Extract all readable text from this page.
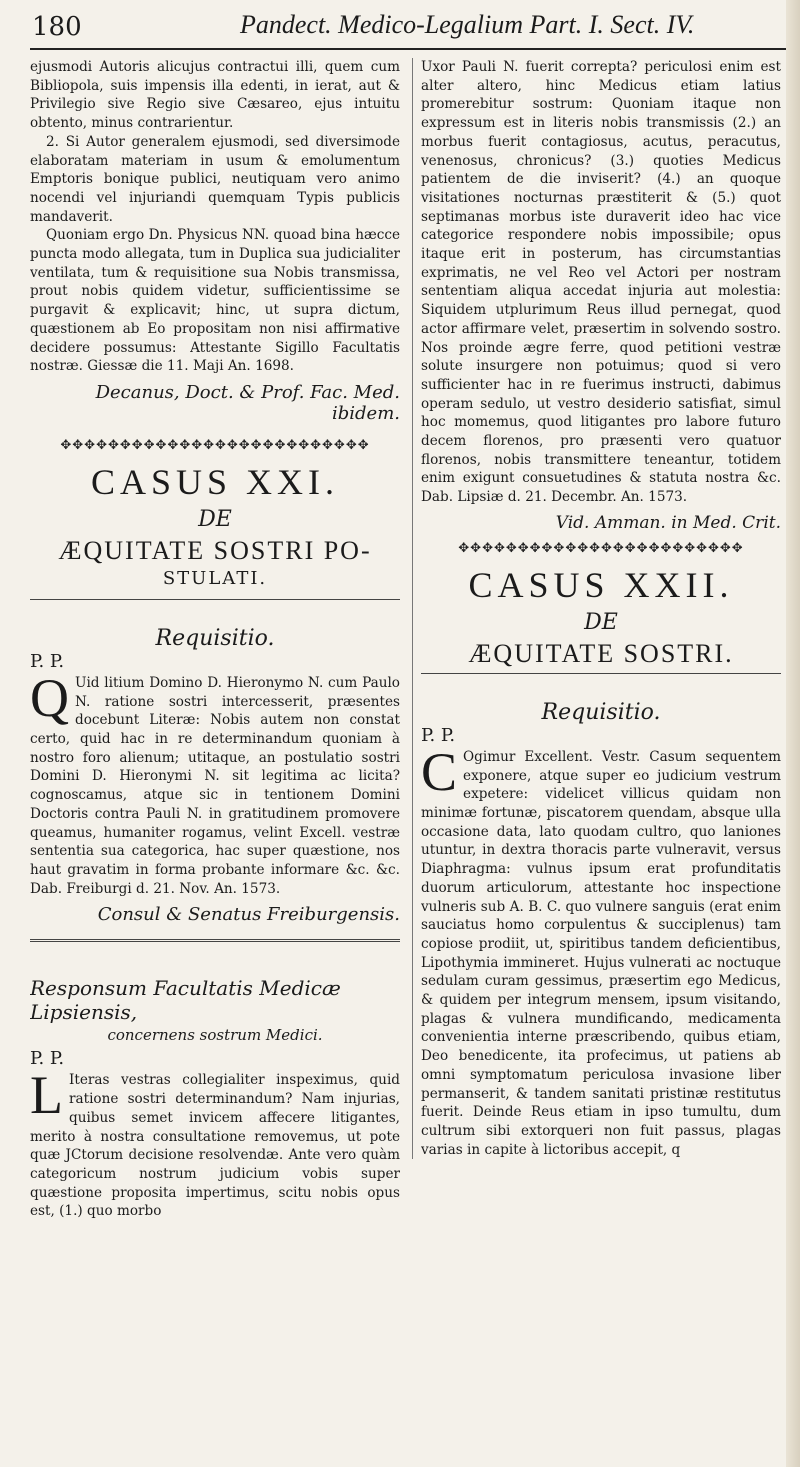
180	Pandect. Medico-Legalium Part. I. Sect. IV.

ejusmodi Autoris alicujus contractui illi, quem cum Bibliopola, suis impensis illa edenti, in ierat, aut & Privilegio sive Regio sive Cæsareo, ejus intuitu obtento, minus contrarientur.

2. Si Autor generalem ejusmodi, sed diversimode elaboratam materiam in usum & emolumentum Emptoris bonique publici, neutiquam vero animo nocendi vel injuriandi quemquam Typis publicis mandaverit.

Quoniam ergo Dn. Physicus NN. quoad bina hæcce puncta modo allegata, tum in Duplica sua judicialiter ventilata, tum & requisitione sua Nobis transmissa, prout nobis quidem videtur, sufficientissime se purgavit & explicavit; hinc, ut supra dictum, quæstionem ab Eo propositam non nisi affirmative decidere possumus: Attestante Sigillo Facultatis nostræ. Giessæ die 11. Maji An. 1698.

Decanus, Doct. & Prof. Fac. Med. ibidem.

✥✥✥✥✥✥✥✥✥✥✥✥✥✥✥✥✥✥✥✥✥✥✥✥✥✥
CASUS XXI.
DE
ÆQUITATE SOSTRI PO-
STULATI.
Requisitio.
P. P.

Q Uid litium Domino D. Hieronymo N. cum Paulo N. ratione sostri intercesserit, præsentes docebunt Literæ: Nobis autem non constat certo, quid hac in re determinandum quoniam à nostro foro alienum; utitaque, an postulatio sostri Domini D. Hieronymi N. sit legitima ac licita? cognoscamus, atque sic in tentionem Domini Doctoris contra Pauli N. in gratitudinem promovere queamus, humaniter rogamus, velint Excell. vestræ sententia sua categorica, hac super quæstione, nos haut gravatim in forma probante informare &c. &c. Dab. Freiburgi d. 21. Nov. An. 1573.

Consul & Senatus Freiburgensis.

Responsum Facultatis Medicæ Lipsiensis,
concernens sostrum Medici.
P. P.

L Iteras vestras collegialiter inspeximus, quid ratione sostri determinandum? Nam injurias, quibus semet invicem affecere litigantes, merito à nostra consultatione removemus, ut pote quæ JCtorum decisione resolvendæ. Ante vero quàm categoricum nostrum judicium vobis super quæstione proposita impertimus, scitu nobis opus est, (1.) quo morbo

Uxor Pauli N. fuerit correpta? periculosi enim est alter altero, hinc Medicus etiam latius promerebitur sostrum: Quoniam itaque non expressum est in literis nobis transmissis (2.) an morbus fuerit contagiosus, acutus, peracutus, venenosus, chronicus? (3.) quoties Medicus patientem de die inviserit? (4.) an quoque visitationes nocturnas præstiterit & (5.) quot septimanas morbus iste duraverit ideo hac vice categorice respondere nobis impossibile; opus itaque erit in posterum, has circumstantias exprimatis, ne vel Reo vel Actori per nostram sententiam aliqua accedat injuria aut molestia: Siquidem utplurimum Reus illud pernegat, quod actor affirmare velet, præsertim in solvendo sostro. Nos proinde ægre ferre, quod petitioni vestræ solute insurgere non potuimus; quod si vero sufficienter hac in re fuerimus instructi, dabimus operam sedulo, ut vestro desiderio satisfiat, simul hoc momemus, quod litigantes pro labore futuro decem florenos, pro præsenti vero quatuor florenos, nobis transmittere teneantur, totidem enim exigunt consuetudines & statuta nostra &c. Dab. Lipsiæ d. 21. Decembr. An. 1573.

Vid. Amman. in Med. Crit.

✥✥✥✥✥✥✥✥✥✥✥✥✥✥✥✥✥✥✥✥✥✥✥✥
CASUS XXII.
DE
ÆQUITATE SOSTRI.
Requisitio.
P. P.

C Ogimur Excellent. Vestr. Casum sequentem exponere, atque super eo judicium vestrum expetere: videlicet villicus quidam non minimæ fortunæ, piscatorem quendam, absque ulla occasione data, lato quodam cultro, quo laniones utuntur, in dextra thoracis parte vulneravit, versus Diaphragma: vulnus ipsum erat profunditatis duorum articulorum, attestante hoc inspectione vulneris sub A. B. C. quo vulnere sanguis (erat enim sauciatus homo corpulentus & succiplenus) tam copiose prodiit, ut, spiritibus tandem deficientibus, Lipothymia immineret. Hujus vulnerati ac noctuque sedulam curam gessimus, præsertim ego Medicus, & quidem per integrum mensem, ipsum visitando, plagas & vulnera mundificando, medicamenta convenientia interne præscribendo, quibus etiam, Deo benedicente, ita profecimus, ut patiens ab omni symptomatum periculosa invasione liber permanserit, & tandem sanitati pristinæ restitutus fuerit. Deinde Reus etiam in ipso tumultu, dum cultrum sibi extorqueri non fuit passus, plagas varias in capite à lictoribus accepit, q
